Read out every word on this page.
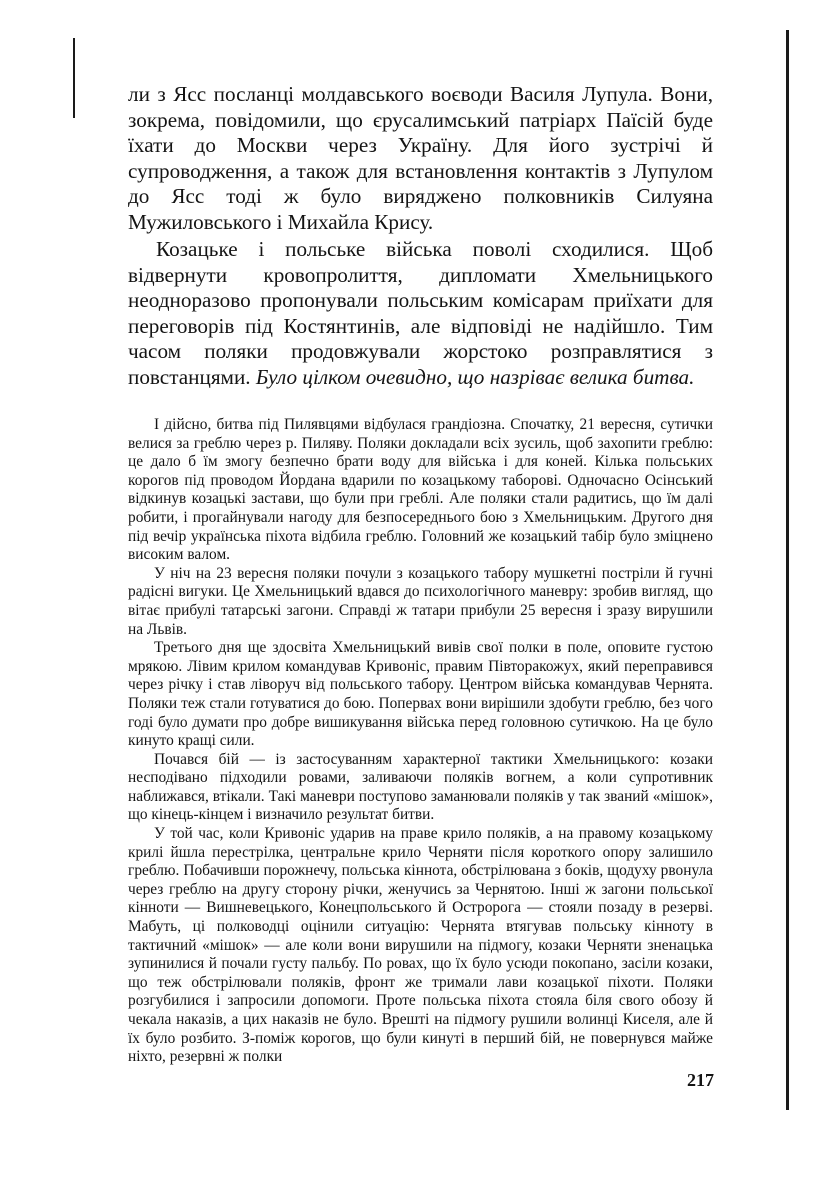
ли з Ясс посланці молдавського воєводи Василя Лупула. Вони, зокрема, повідомили, що єрусалимський патріарх Паїсій буде їхати до Москви через Україну. Для його зустрічі й супроводження, а також для встановлення контактів з Лупулом до Ясс тоді ж було виряджено полковників Силуяна Мужиловського і Михайла Крису.

Козацьке і польське війська поволі сходилися. Щоб відвернути кровопролиття, дипломати Хмельницького неодноразово пропонували польським комісарам приїхати для переговорів під Костянтинів, але відповіді не надійшло. Тим часом поляки продовжували жорстоко розправлятися з повстанцями. Було цілком очевидно, що назріває велика битва.

І дійсно, битва під Пилявцями відбулася грандіозна. Спочатку, 21 вересня, сутички велися за греблю через р. Пиляву. Поляки докладали всіх зусиль, щоб захопити греблю: це дало б їм змогу безпечно брати воду для війська і для коней. Кілька польських корогов під проводом Йордана вдарили по козацькому таборові. Одночасно Осінський відкинув козацькі застави, що були при греблі. Але поляки стали радитись, що їм далі робити, і прогайнували нагоду для безпосереднього бою з Хмельницьким. Другого дня під вечір українська піхота відбила греблю. Головний же козацький табір було зміцнено високим валом.

У ніч на 23 вересня поляки почули з козацького табору мушкетні постріли й гучні радісні вигуки. Це Хмельницький вдався до психологічного маневру: зробив вигляд, що вітає прибулі татарські загони. Справді ж татари прибули 25 вересня і зразу вирушили на Львів.

Третього дня ще здосвіта Хмельницький вивів свої полки в поле, оповите густою мрякою. Лівим крилом командував Кривоніс, правим Півторакожух, який переправився через річку і став ліворуч від польського табору. Центром війська командував Чернята. Поляки теж стали готуватися до бою. Поперваx вони вирішили здобути греблю, без чого годі було думати про добре вишикування війська перед головною сутичкою. На це було кинуто кращі сили.

Почався бій — із застосуванням характерної тактики Хмельницького: козаки несподівано підходили ровами, заливаючи поляків вогнем, а коли супротивник наближався, втікали. Такі маневри поступово заманювали поляків у так званий «мішок», що кінець-кінцем і визначило результат битви.

У той час, коли Кривоніс ударив на праве крило поляків, а на правому козацькому крилі йшла перестрілка, центральне крило Черняти після короткого опору залишило греблю. Побачивши порожнечу, польська кіннота, обстрілювана з боків, щодуху рвонула через греблю на другу сторону річки, женучись за Чернятою. Інші ж загони польської кінноти — Вишневецького, Конецпольського й Остророга — стояли позаду в резерві. Мабуть, ці полководці оцінили ситуацію: Чернята втягував польську кінноту в тактичний «мішок» — але коли вони вирушили на підмогу, козаки Черняти зненацька зупинилися й почали густу пальбу. По ровах, що їх було усюди покопано, засіли козаки, що теж обстрілювали поляків, фронт же тримали лави козацької піхоти. Поляки розгубилися і запросили допомоги. Проте польська піхота стояла біля свого обозу й чекала наказів, а цих наказів не було. Врешті на підмогу рушили волинці Киселя, але й їх було розбито. З-поміж корогов, що були кинуті в перший бій, не повернувся майже ніхто, резервні ж полки

217
